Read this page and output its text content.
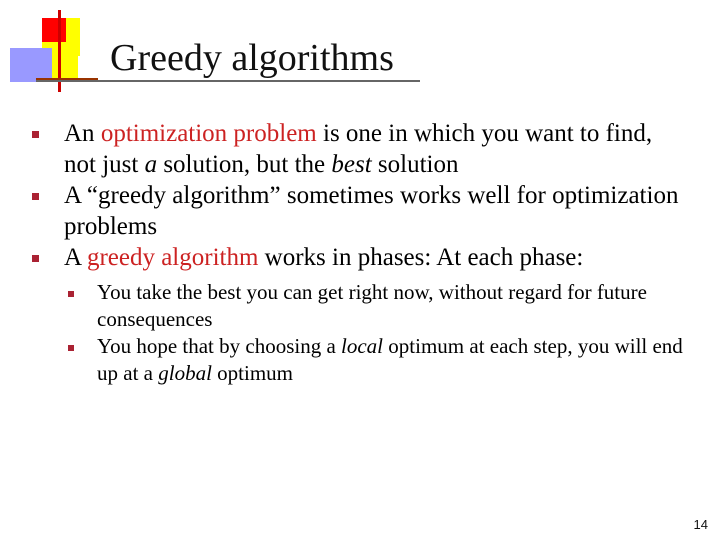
Greedy algorithms
An optimization problem is one in which you want to find, not just a solution, but the best solution
A “greedy algorithm” sometimes works well for optimization problems
A greedy algorithm works in phases: At each phase:
You take the best you can get right now, without regard for future consequences
You hope that by choosing a local optimum at each step, you will end up at a global optimum
14
